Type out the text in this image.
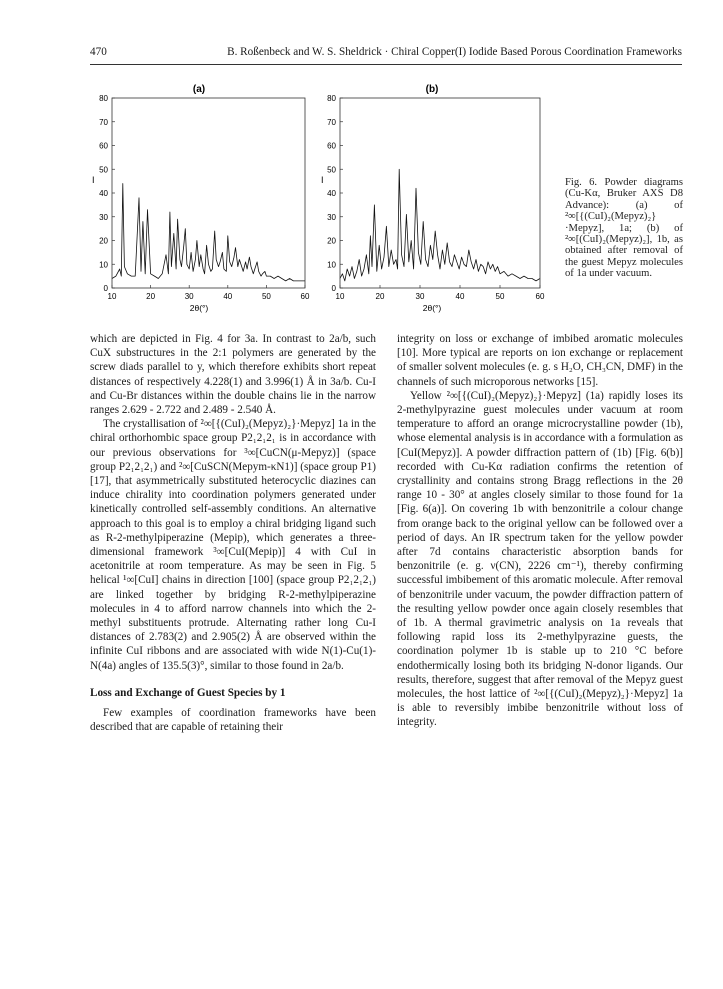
470	B. Roßenbeck and W. S. Sheldrick · Chiral Copper(I) Iodide Based Porous Coordination Frameworks
(a)
I
2θ(°)
0
10
20
30
40
50
60
70
80
10	20	30	40	50	60
(b)
I
2θ(°)
0
10
20
30
40
50
60
70
80
10	20	30	40	50	60
Fig. 6. Powder diagrams (Cu-Kα, Bruker AXS D8 Advance): (a) of ²∞[{(CuI)₂(Mepyz)₂}·Mepyz], 1a; (b) of ²∞[(CuI)₂(Mepyz)₂], 1b, as obtained after removal of the guest Mepyz molecules of 1a under vacuum.

which are depicted in Fig. 4 for 3a. In contrast to 2a/b, such CuX substructures in the 2:1 polymers are generated by the screw diads parallel to y, which therefore exhibits short repeat distances of respectively 4.228(1) and 3.996(1) Å in 3a/b. Cu-I and Cu-Br distances within the double chains lie in the narrow ranges 2.629 - 2.722 and 2.489 - 2.540 Å.

The crystallisation of ²∞[{(CuI)₂(Mepyz)₂}·Mepyz] 1a in the chiral orthorhombic space group P2₁2₁2₁ is in accordance with our previous observations for ³∞[CuCN(μ-Mepyz)] (space group P2₁2₁2₁) and ²∞[CuSCN(Mepym-κN1)] (space group P1) [17], that asymmetrically substituted heterocyclic diazines can induce chirality into coordination polymers generated under kinetically controlled self-assembly conditions. An alternative approach to this goal is to employ a chiral bridging ligand such as R-2-methylpiperazine (Mepip), which generates a three-dimensional framework ³∞[CuI(Mepip)] 4 with CuI in acetonitrile at room temperature. As may be seen in Fig. 5 helical ¹∞[CuI] chains in direction [100] (space group P2₁2₁2₁) are linked together by bridging R-2-methylpiperazine molecules in 4 to afford narrow channels into which the 2-methyl substituents protrude. Alternating rather long Cu-I distances of 2.783(2) and 2.905(2) Å are observed within the infinite CuI ribbons and are associated with wide N(1)-Cu(1)-N(4a) angles of 135.5(3)°, similar to those found in 2a/b.

Loss and Exchange of Guest Species by 1

Few examples of coordination frameworks have been described that are capable of retaining their

integrity on loss or exchange of imbibed aromatic molecules [10]. More typical are reports on ion exchange or replacement of smaller solvent molecules (e. g. s H₂O, CH₃CN, DMF) in the channels of such microporous networks [15].

Yellow ²∞[{(CuI)₂(Mepyz)₂}·Mepyz] (1a) rapidly loses its 2-methylpyrazine guest molecules under vacuum at room temperature to afford an orange microcrystalline powder (1b), whose elemental analysis is in accordance with a formulation as [CuI(Mepyz)]. A powder diffraction pattern of (1b) [Fig. 6(b)] recorded with Cu-Kα radiation confirms the retention of crystallinity and contains strong Bragg reflections in the 2θ range 10 - 30° at angles closely similar to those found for 1a [Fig. 6(a)]. On covering 1b with benzonitrile a colour change from orange back to the original yellow can be followed over a period of days. An IR spectrum taken for the yellow powder after 7d contains characteristic absorption bands for benzonitrile (e. g. ν(CN), 2226 cm⁻¹), thereby confirming successful imbibement of this aromatic molecule. After removal of benzonitrile under vacuum, the powder diffraction pattern of the resulting yellow powder once again closely resembles that of 1b. A thermal gravimetric analysis on 1a reveals that following rapid loss its 2-methylpyrazine guests, the coordination polymer 1b is stable up to 210 °C before endothermically losing both its bridging N-donor ligands. Our results, therefore, suggest that after removal of the Mepyz guest molecules, the host lattice of ²∞[{(CuI)₂(Mepyz)₂}·Mepyz] 1a is able to reversibly imbibe benzonitrile without loss of integrity.
